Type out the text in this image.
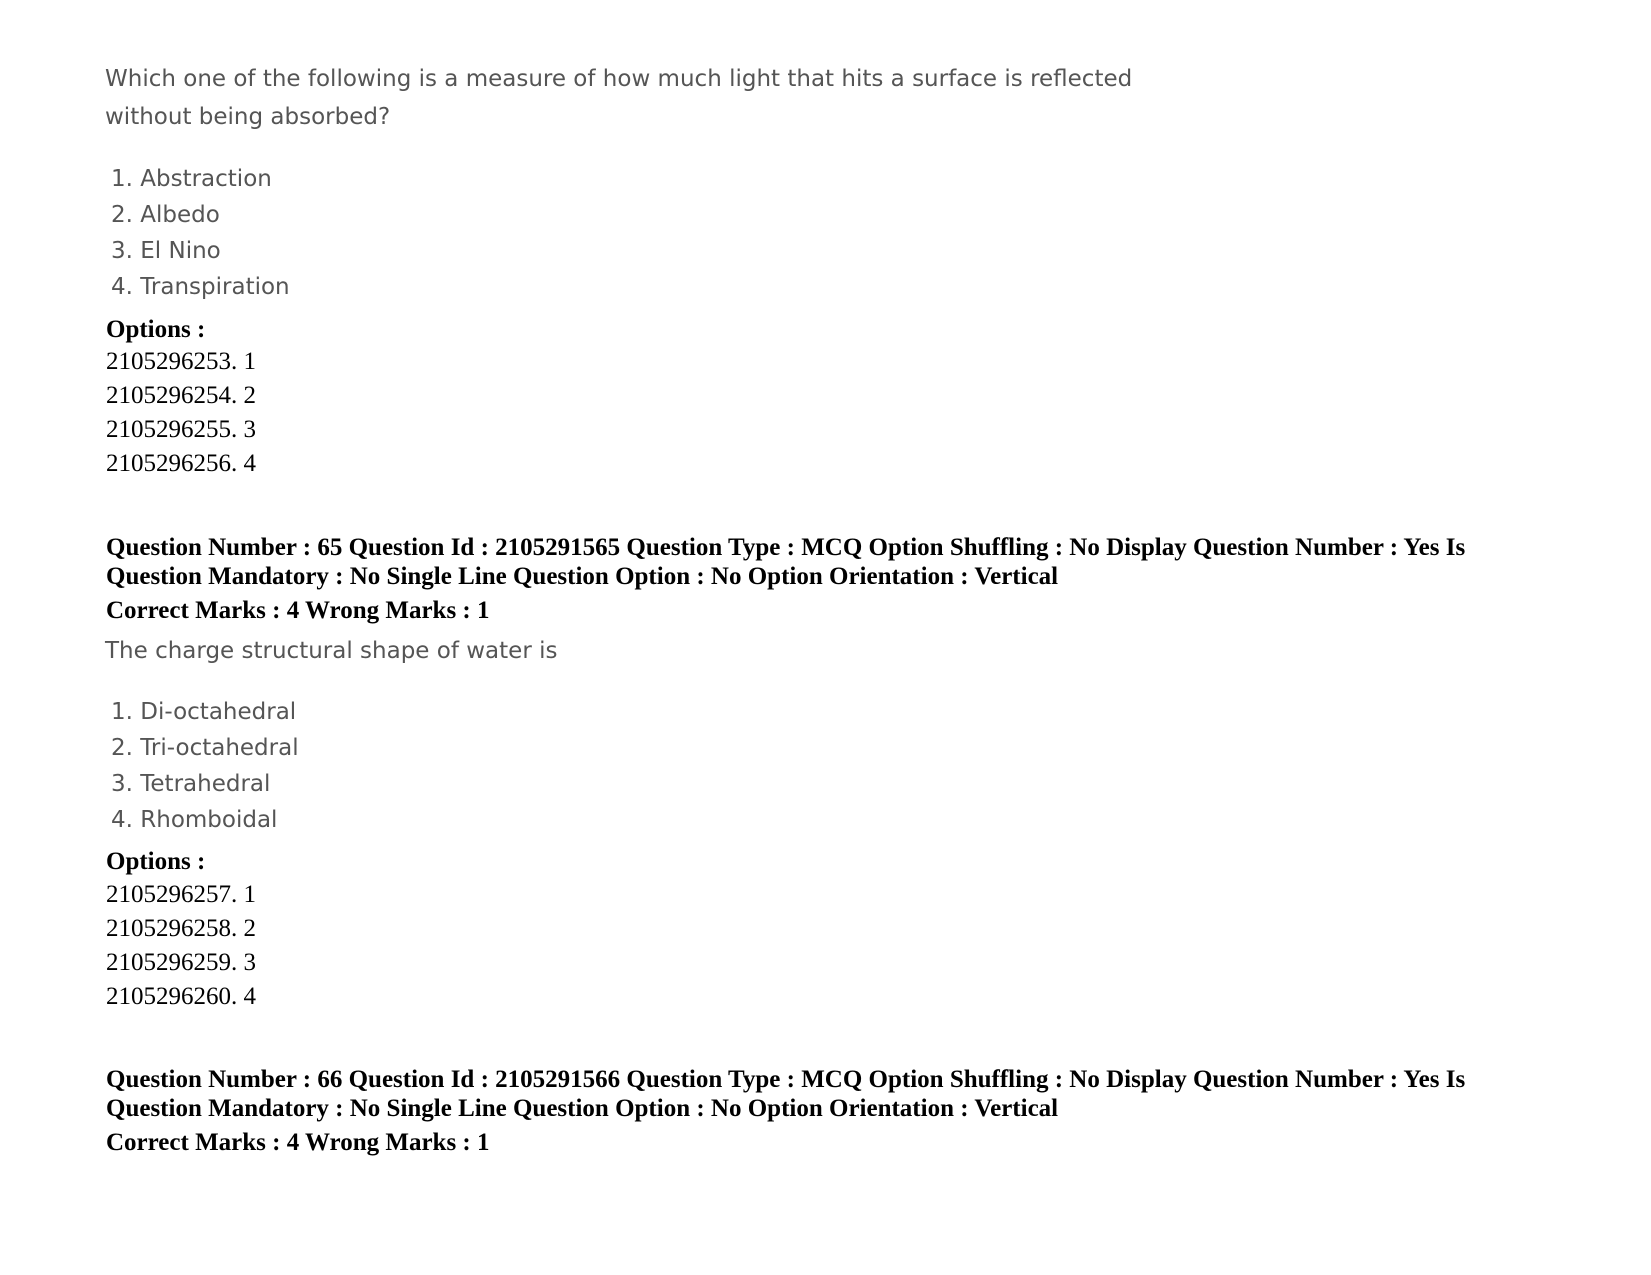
Which one of the following is a measure of how much light that hits a surface is reflected without being absorbed?

1. Abstraction
2. Albedo
3. El Nino
4. Transpiration
Options :
2105296253. 1
2105296254. 2
2105296255. 3
2105296256. 4

Question Number : 65 Question Id : 2105291565 Question Type : MCQ Option Shuffling : No Display Question Number : Yes Is Question Mandatory : No Single Line Question Option : No Option Orientation : Vertical

Correct Marks : 4 Wrong Marks : 1

The charge structural shape of water is

1. Di-octahedral
2. Tri-octahedral
3. Tetrahedral
4. Rhomboidal
Options :
2105296257. 1
2105296258. 2
2105296259. 3
2105296260. 4

Question Number : 66 Question Id : 2105291566 Question Type : MCQ Option Shuffling : No Display Question Number : Yes Is Question Mandatory : No Single Line Question Option : No Option Orientation : Vertical

Correct Marks : 4 Wrong Marks : 1
